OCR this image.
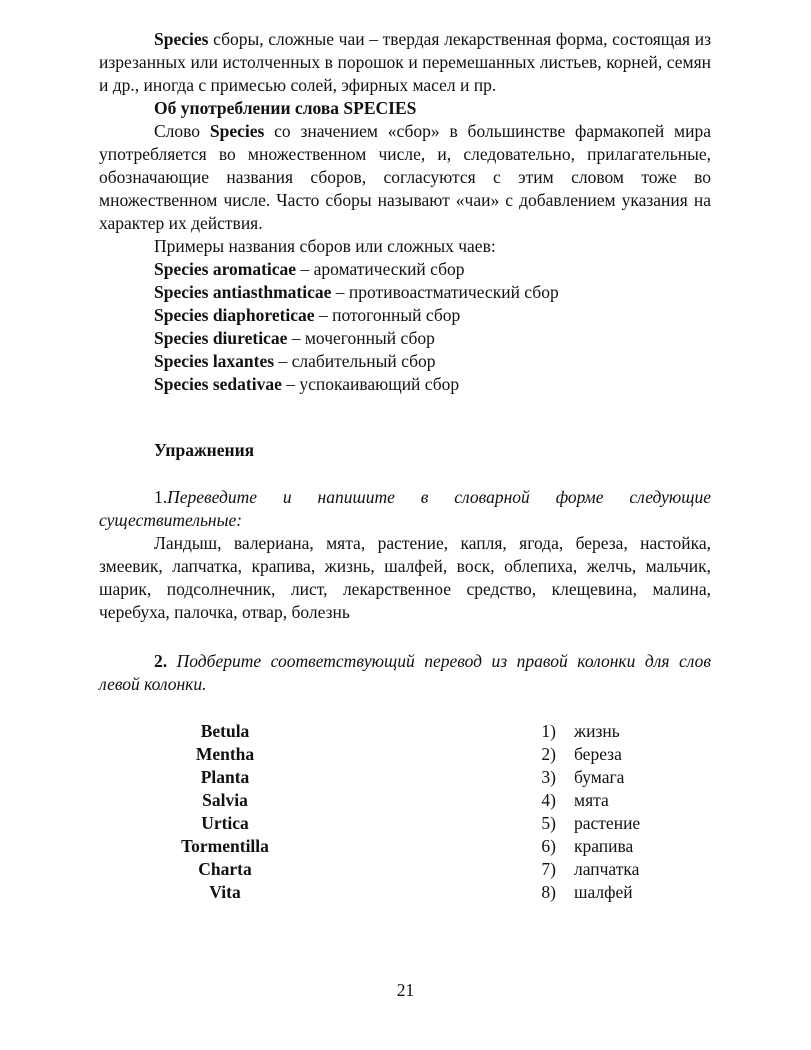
Species сборы, сложные чаи – твердая лекарственная форма, состоящая из изрезанных или истолченных в порошок и перемешанных листьев, корней, семян и др., иногда с примесью солей, эфирных масел и пр.

Об употреблении слова SPECIES

Слово Species со значением «сбор» в большинстве фармакопей мира употребляется во множественном числе, и, следовательно, прилагательные, обозначающие названия сборов, согласуются с этим словом тоже во множественном числе. Часто сборы называют «чаи» с добавлением указания на характер их действия.

Примеры названия сборов или сложных чаев:

Species aromaticae – ароматический сбор
Species antiasthmaticae – противоастматический сбор
Species diaphoreticae – потогонный сбор
Species diureticae – мочегонный сбор
Species laxantes – слабительный сбор
Species sedativae – успокаивающий сбор
Упражнения

1.Переведите и напишите в словарной форме следующие существительные:

Ландыш, валериана, мята, растение, капля, ягода, береза, настойка, змеевик, лапчатка, крапива, жизнь, шалфей, воск, облепиха, желчь, мальчик, шарик, подсолнечник, лист, лекарственное средство, клещевина, малина, черебуха, палочка, отвар, болезнь

2. Подберите соответствующий перевод из правой колонки для слов левой колонки.

Betula
Mentha
Planta
Salvia
Urtica
Tormentilla
Charta
Vita
1) жизнь
2) береза
3) бумага
4) мята
5) растение
6) крапива
7) лапчатка
8) шалфей
21
